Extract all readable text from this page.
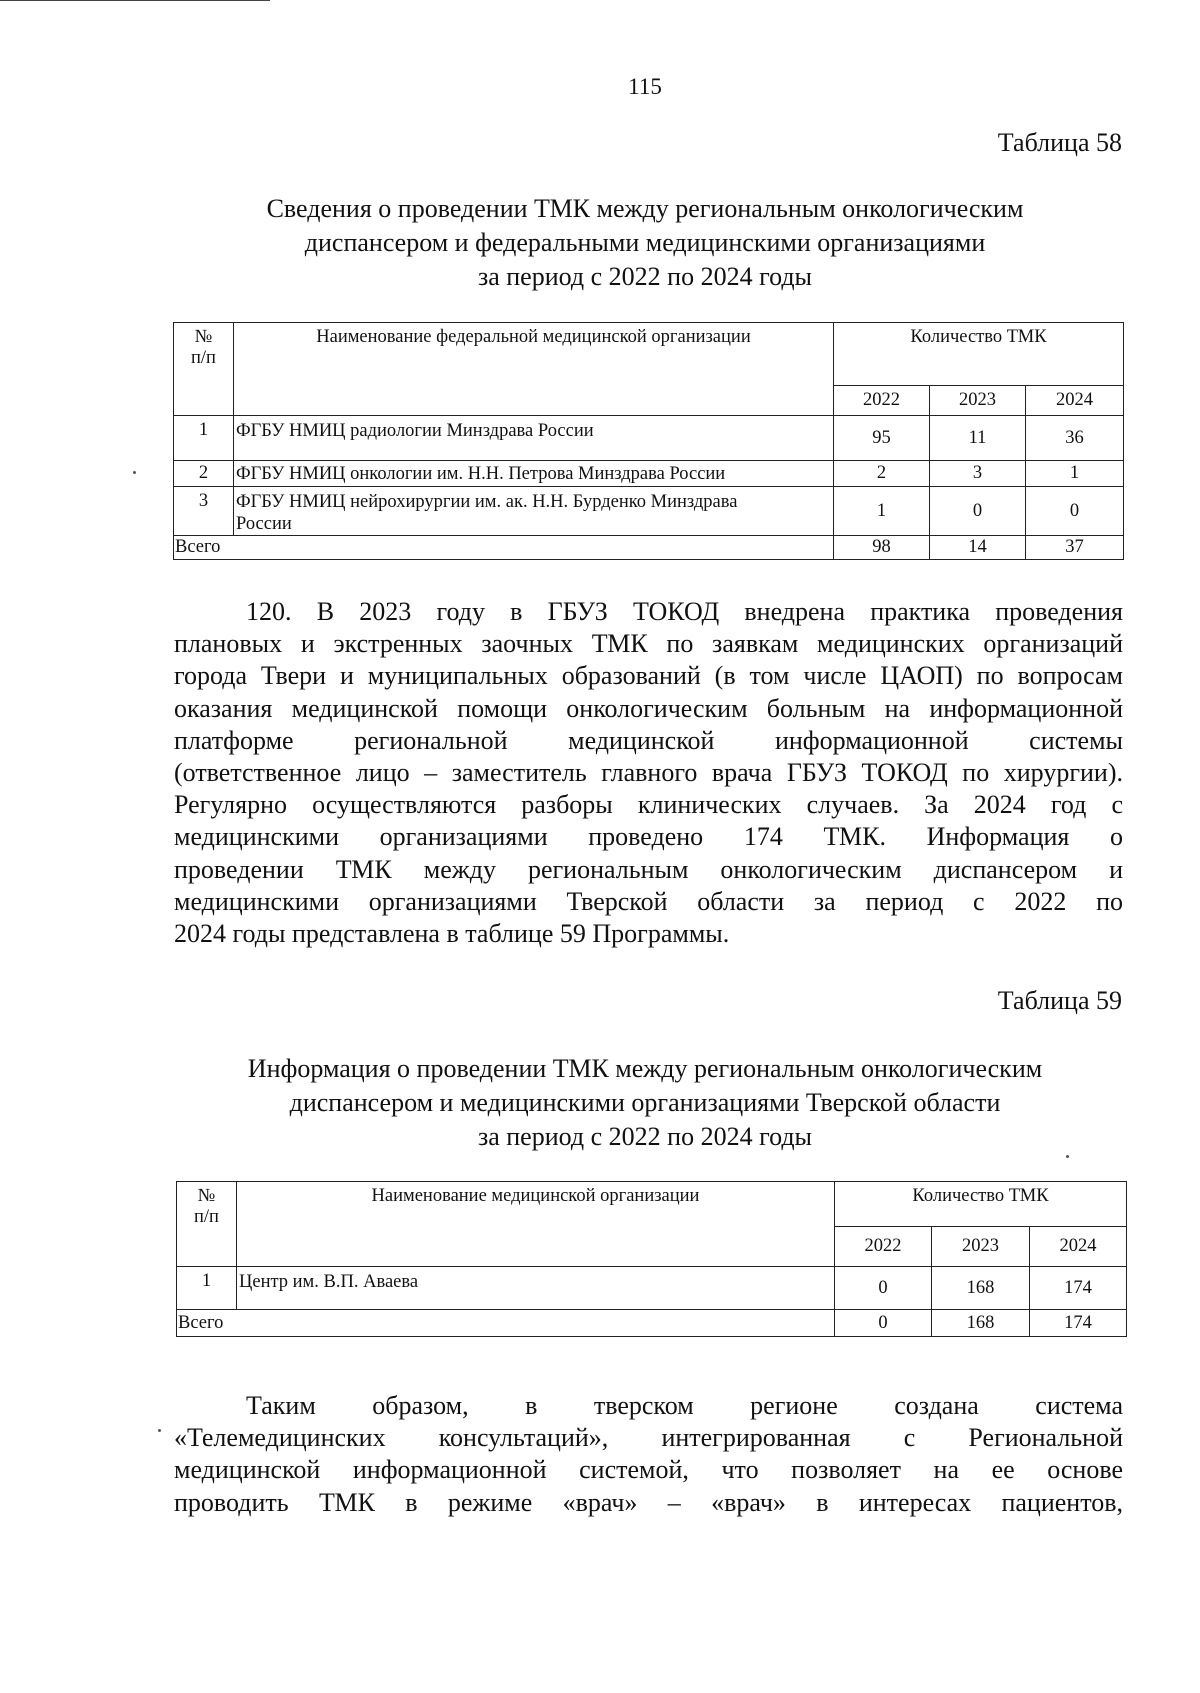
115
Таблица 58
Сведения о проведении ТМК между региональным онкологическим
диспансером и федеральными медицинскими организациями
за период с 2022 по 2024 годы
№
п/п	Наименование федеральной медицинской организации	Количество ТМК		
		2022	2023	2024
1	ФГБУ НМИЦ радиологии Минздрава России	95	11	36
2	ФГБУ НМИЦ онкологии им. Н.Н. Петрова Минздрава России	2	3	1
3	ФГБУ НМИЦ нейрохирургии им. ак. Н.Н. Бурденко Минздрава
России	1	0	0
Всего		98	14	37
120. В 2023 году в ГБУЗ ТОКОД внедрена практика проведения
плановых и экстренных заочных ТМК по заявкам медицинских организаций
города Твери и муниципальных образований (в том числе ЦАОП) по вопросам
оказания медицинской помощи онкологическим больным на информационной
платформе региональной медицинской информационной системы
(ответственное лицо – заместитель главного врача ГБУЗ ТОКОД по хирургии).
Регулярно осуществляются разборы клинических случаев. За 2024 год с
медицинскими организациями проведено 174 ТМК. Информация о
проведении ТМК между региональным онкологическим диспансером и
медицинскими организациями Тверской области за период с 2022 по
2024 годы представлена в таблице 59 Программы.
Таблица 59
Информация о проведении ТМК между региональным онкологическим
диспансером и медицинскими организациями Тверской области
за период с 2022 по 2024 годы
№
п/п	Наименование медицинской организации	Количество ТМК		
		2022	2023	2024
1	Центр им. В.П. Аваева	0	168	174
Всего		0	168	174
Таким образом, в тверском регионе создана система
«Телемедицинских консультаций», интегрированная с Региональной
медицинской информационной системой, что позволяет на ее основе
проводить ТМК в режиме «врач» – «врач» в интересах пациентов,
